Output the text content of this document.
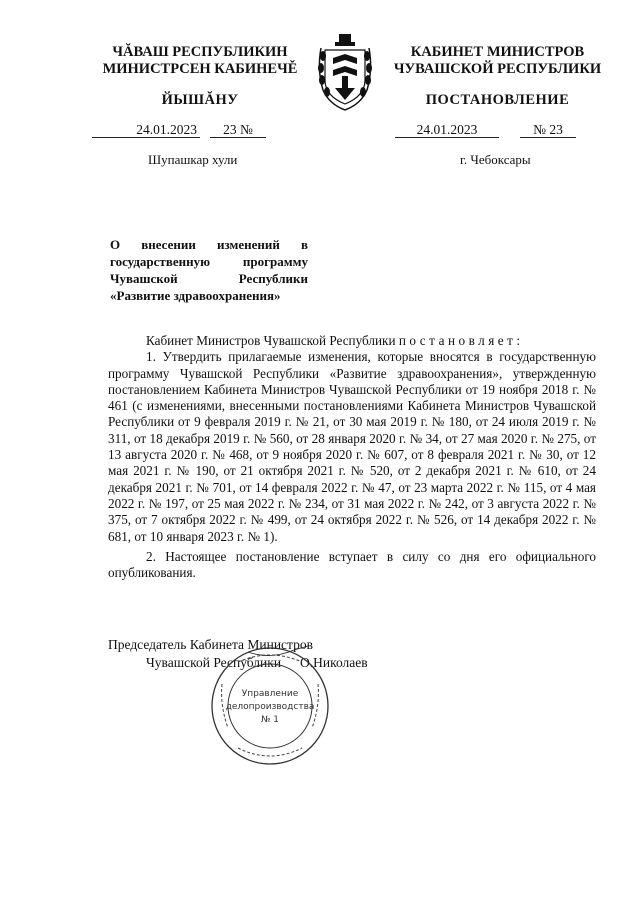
ЧĂВАШ РЕСПУБЛИКИН
МИНИСТРСЕН КАБИНЕЧĚ
ЙЫШĂНУ
КАБИНЕТ МИНИСТРОВ
ЧУВАШСКОЙ РЕСПУБЛИКИ
ПОСТАНОВЛЕНИЕ
24.01.2023	23 №	24.01.2023	№ 23
Шупашкар хули	г. Чебоксары
О внесении изменений в государственную программу Чувашской Республики «Развитие здравоохранения»

Кабинет Министров Чувашской Республики постановляет:

1. Утвердить прилагаемые изменения, которые вносятся в государственную программу Чувашской Республики «Развитие здравоохранения», утвержденную постановлением Кабинета Министров Чувашской Республики от 19 ноября 2018 г. № 461 (с изменениями, внесенными постановлениями Кабинета Министров Чувашской Республики от 9 февраля 2019 г. № 21, от 30 мая 2019 г. № 180, от 24 июля 2019 г. № 311, от 18 декабря 2019 г. № 560, от 28 января 2020 г. № 34, от 27 мая 2020 г. № 275, от 13 августа 2020 г. № 468, от 9 ноября 2020 г. № 607, от 8 февраля 2021 г. № 30, от 12 мая 2021 г. № 190, от 21 октября 2021 г. № 520, от 2 декабря 2021 г. № 610, от 24 декабря 2021 г. № 701, от 14 февраля 2022 г. № 47, от 23 марта 2022 г. № 115, от 4 мая 2022 г. № 197, от 25 мая 2022 г. № 234, от 31 мая 2022 г. № 242, от 3 августа 2022 г. № 375, от 7 октября 2022 г. № 499, от 24 октября 2022 г. № 526, от 14 декабря 2022 г. № 681, от 10 января 2023 г. № 1).

2. Настоящее постановление вступает в силу со дня его официального опубликования.

Председатель Кабинета Министров
Чувашской Республики О.Николаев
Управление
делопроизводства
№ 1
